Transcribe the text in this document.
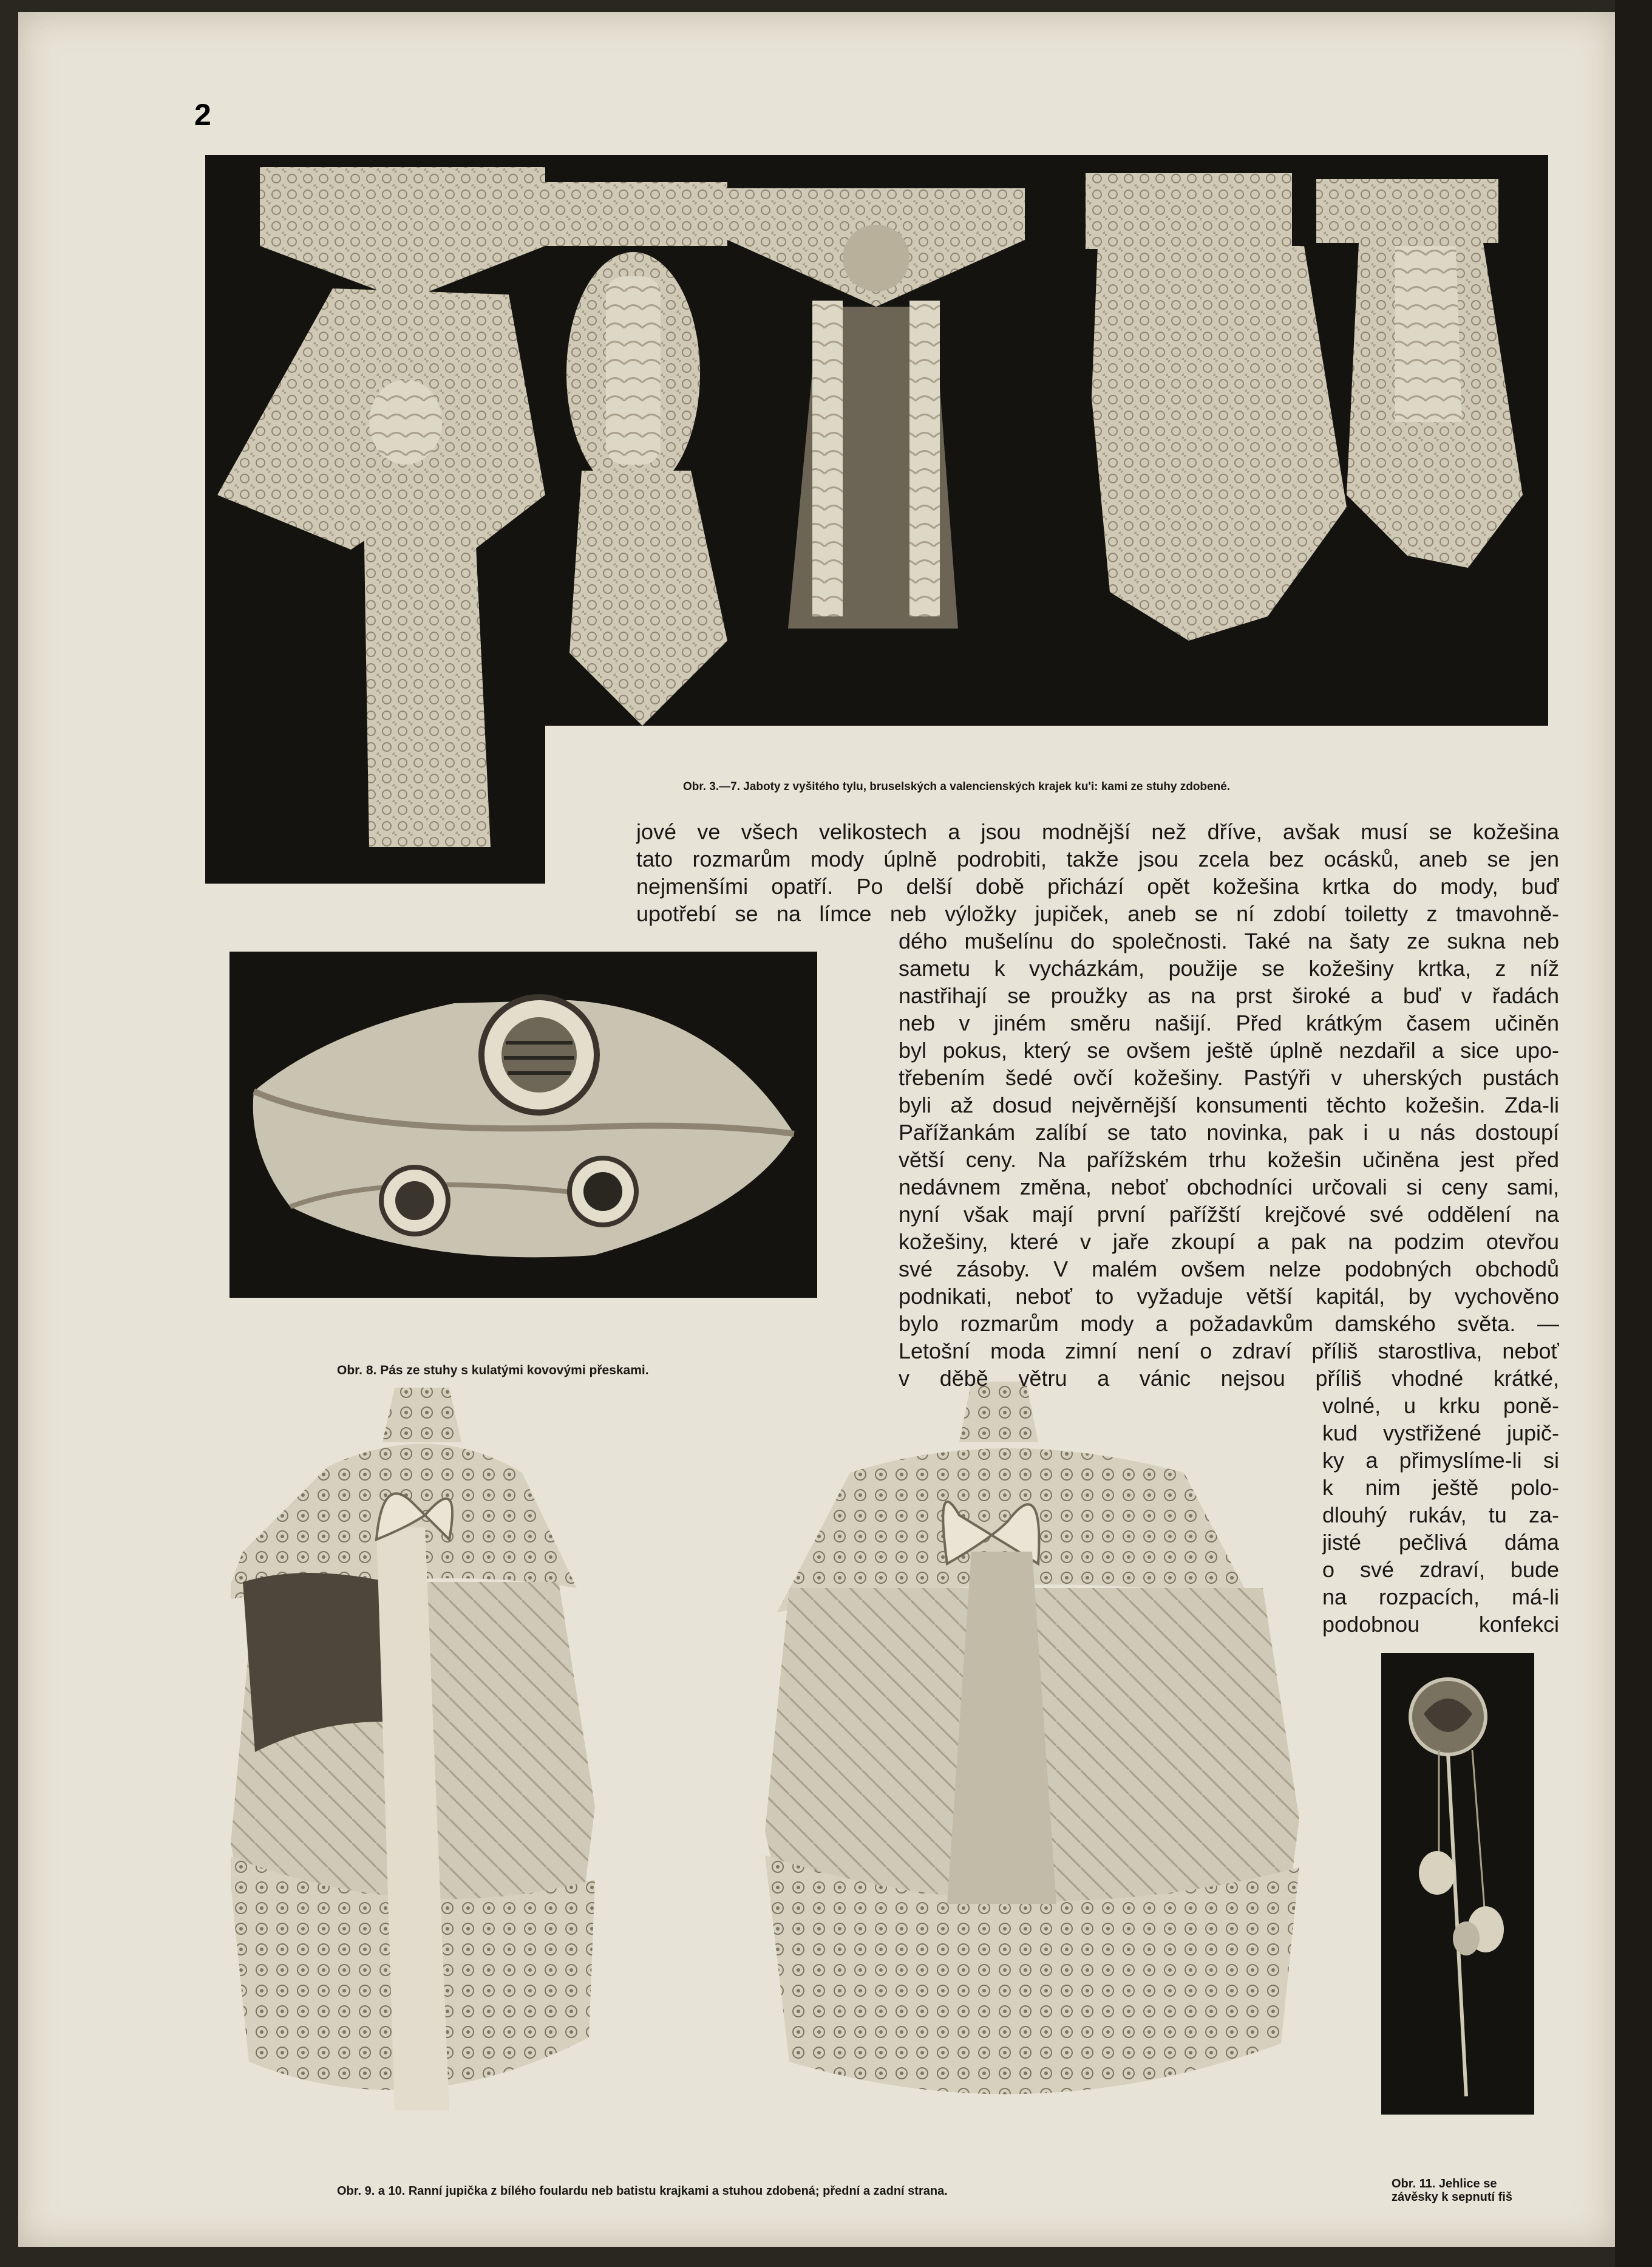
2
Obr. 3.—7. Jaboty z vyšitého tylu, bruselských a valencienských krajek ku'i: kami ze stuhy zdobené.
Obr. 8. Pás ze stuhy s kulatými kovovými přeskami.
Obr. 9. a 10. Ranní jupička z bílého foulardu neb batistu krajkami a stuhou zdobená; přední a zadní strana.
Obr. 11. Jehlice se
závěsky k sepnutí fiš
jové ve všech velikostech a jsou modnější než dříve, avšak musí se kožešina
tato rozmarům mody úplně podrobiti, takže jsou zcela bez ocásků, aneb se jen
nejmenšími opatří. Po delší době přichází opět kožešina krtka do mody, buď
upotřebí se na límce neb výložky jupiček, aneb se ní zdobí toiletty z tmavohně-
dého mušelínu do společnosti. Také na šaty ze sukna neb
sametu k vycházkám, použije se kožešiny krtka, z níž
nastřihají se proužky as na prst široké a buď v řadách
neb v jiném směru našijí. Před krátkým časem učiněn
byl pokus, který se ovšem ještě úplně nezdařil a sice upo-
třebením šedé ovčí kožešiny. Pastýři v uherských pustách
byli až dosud nejvěrnější konsumenti těchto kožešin. Zda-li
Pařížankám zalíbí se tato novinka, pak i u nás dostoupí
větší ceny. Na pařížském trhu kožešin učiněna jest před
nedávnem změna, neboť obchodníci určovali si ceny sami,
nyní však mají první pařížští krejčové své oddělení na
kožešiny, které v jaře zkoupí a pak na podzim otevřou
své zásoby. V malém ovšem nelze podobných obchodů
podnikati, neboť to vyžaduje větší kapitál, by vychověno
bylo rozmarům mody a požadavkům damského světa. —
Letošní moda zimní není o zdraví příliš starostliva, neboť
v děbě větru a vánic nejsou příliš vhodné krátké,
volné, u krku poně-
kud vystřižené jupič-
ky a přimyslíme-li si
k nim ještě polo-
dlouhý rukáv, tu za-
jisté pečlivá dáma
o své zdraví, bude
na rozpacích, má-li
podobnou konfekci
